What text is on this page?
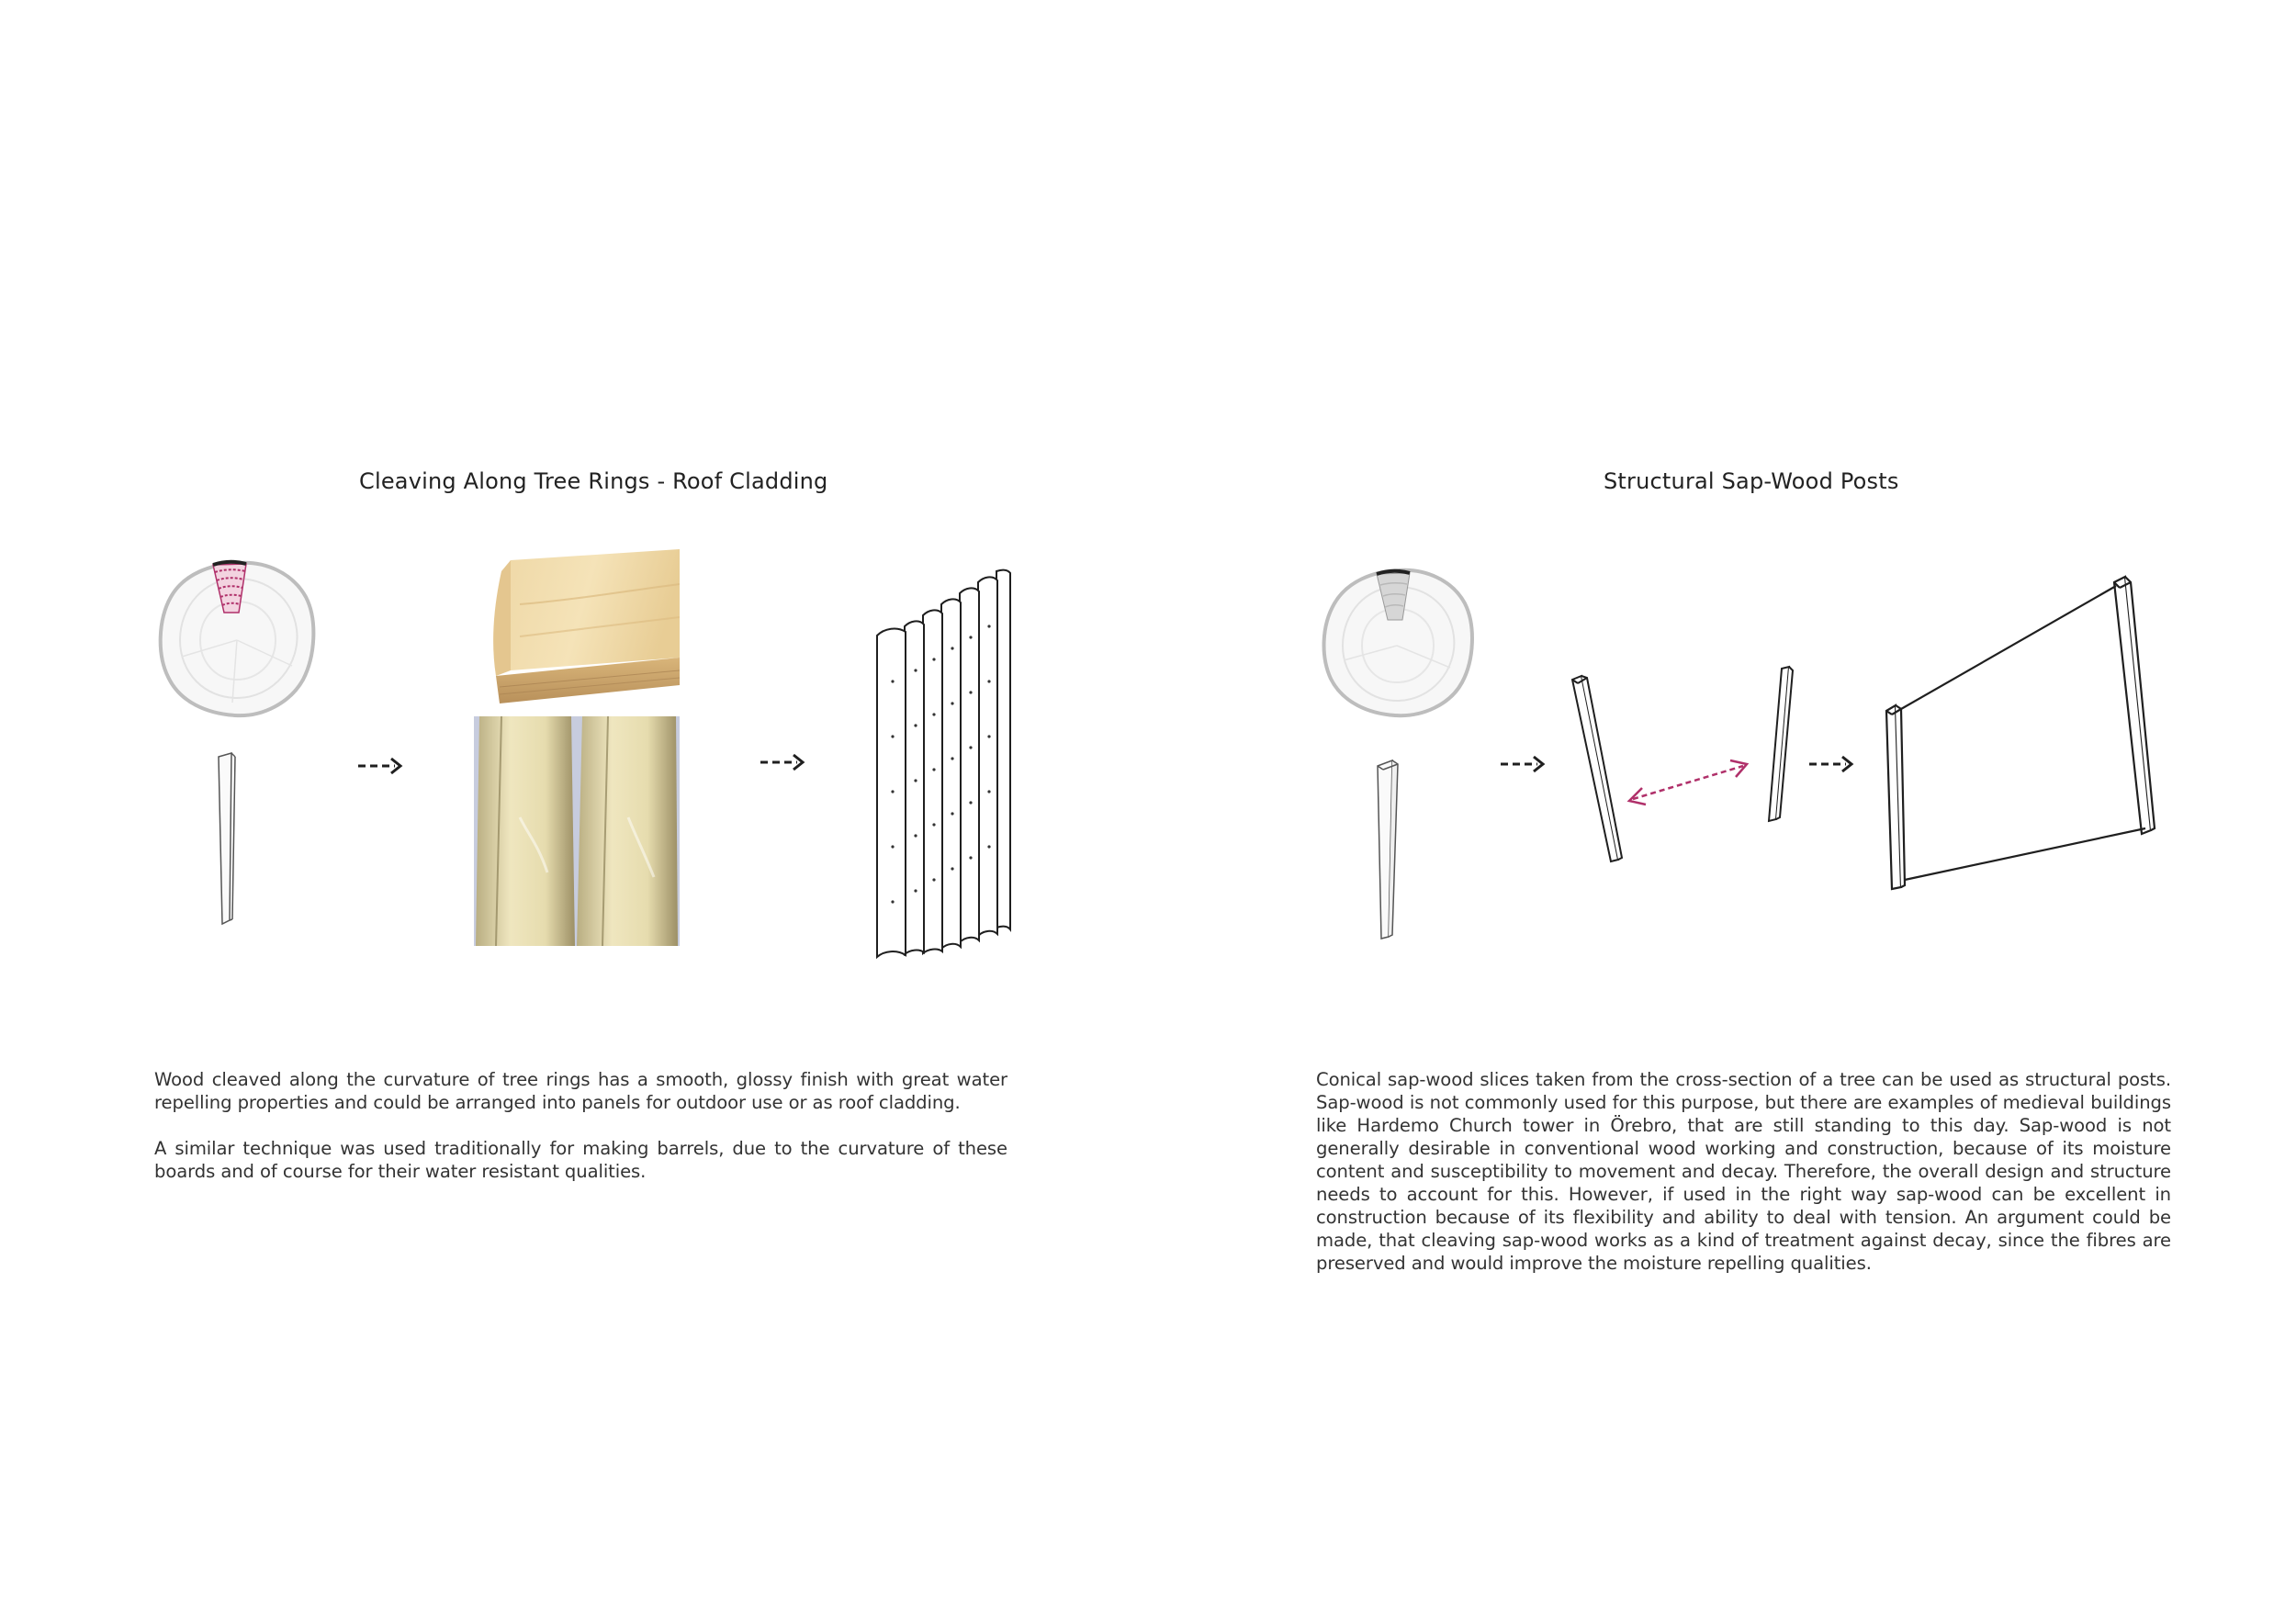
Cleaving Along Tree Rings - Roof Cladding

Wood cleaved along the curvature of tree rings has a smooth, glossy finish with great water repelling properties and could be arranged into panels for outdoor use or as roof cladding.

A similar technique was used traditionally for making barrels, due to the curvature of these boards and of course for their water resistant qualities.

Structural Sap-Wood Posts

Conical sap-wood slices taken from the cross-section of a tree can be used as structural posts. Sap-wood is not commonly used for this purpose, but there are examples of medieval buildings like Hardemo Church tower in Örebro, that are still standing to this day. Sap-wood is not generally desirable in conventional wood working and construction, because of its moisture content and susceptibility to movement and decay. Therefore, the overall design and structure needs to account for this. However, if used in the right way sap-wood can be excellent in construction because of its flexibility and ability to deal with tension. An argument could be made, that cleaving sap-wood works as a kind of treatment against decay, since the fibres are preserved and would improve the moisture repelling qualities.
